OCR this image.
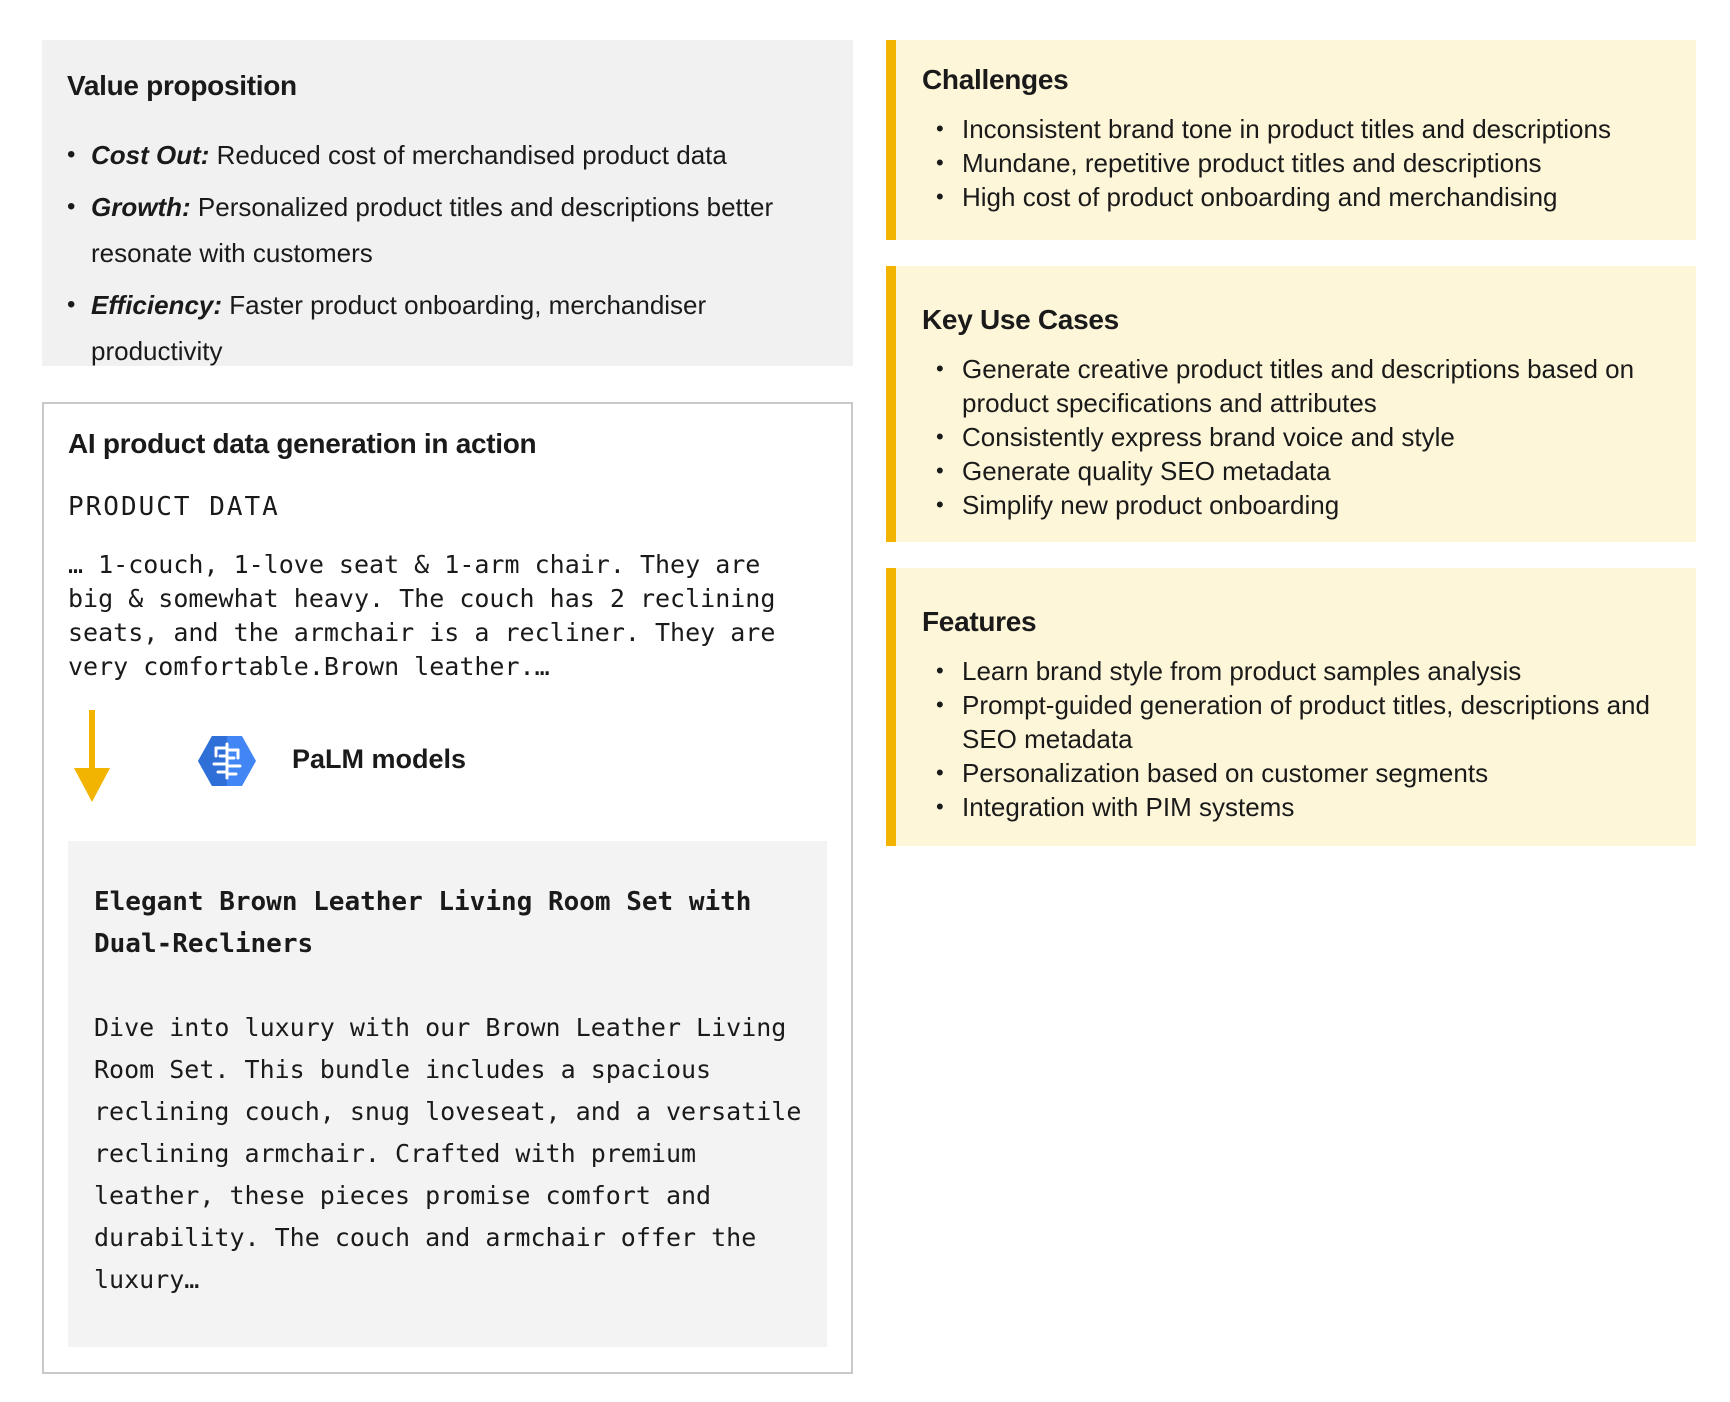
Value proposition
• Cost Out: Reduced cost of merchandised product data
• Growth: Personalized product titles and descriptions better resonate with customers
• Efficiency: Faster product onboarding, merchandiser productivity
AI product data generation in action
PRODUCT DATA
… 1-couch, 1-love seat & 1-arm chair. They are
big & somewhat heavy. The couch has 2 reclining
seats, and the armchair is a recliner. They are
very comfortable.Brown leather.…
PaLM models
Elegant Brown Leather Living Room Set with Dual-Recliners
Dive into luxury with our Brown Leather Living Room Set. This bundle includes a spacious reclining couch, snug loveseat, and a versatile reclining armchair. Crafted with premium leather, these pieces promise comfort and durability. The couch and armchair offer the luxury…
Challenges
• Inconsistent brand tone in product titles and descriptions
• Mundane, repetitive product titles and descriptions
• High cost of product onboarding and merchandising
Key Use Cases
• Generate creative product titles and descriptions based on product specifications and attributes
• Consistently express brand voice and style
• Generate quality SEO metadata
• Simplify new product onboarding
Features
• Learn brand style from product samples analysis
• Prompt-guided generation of product titles, descriptions and SEO metadata
• Personalization based on customer segments
• Integration with PIM systems
